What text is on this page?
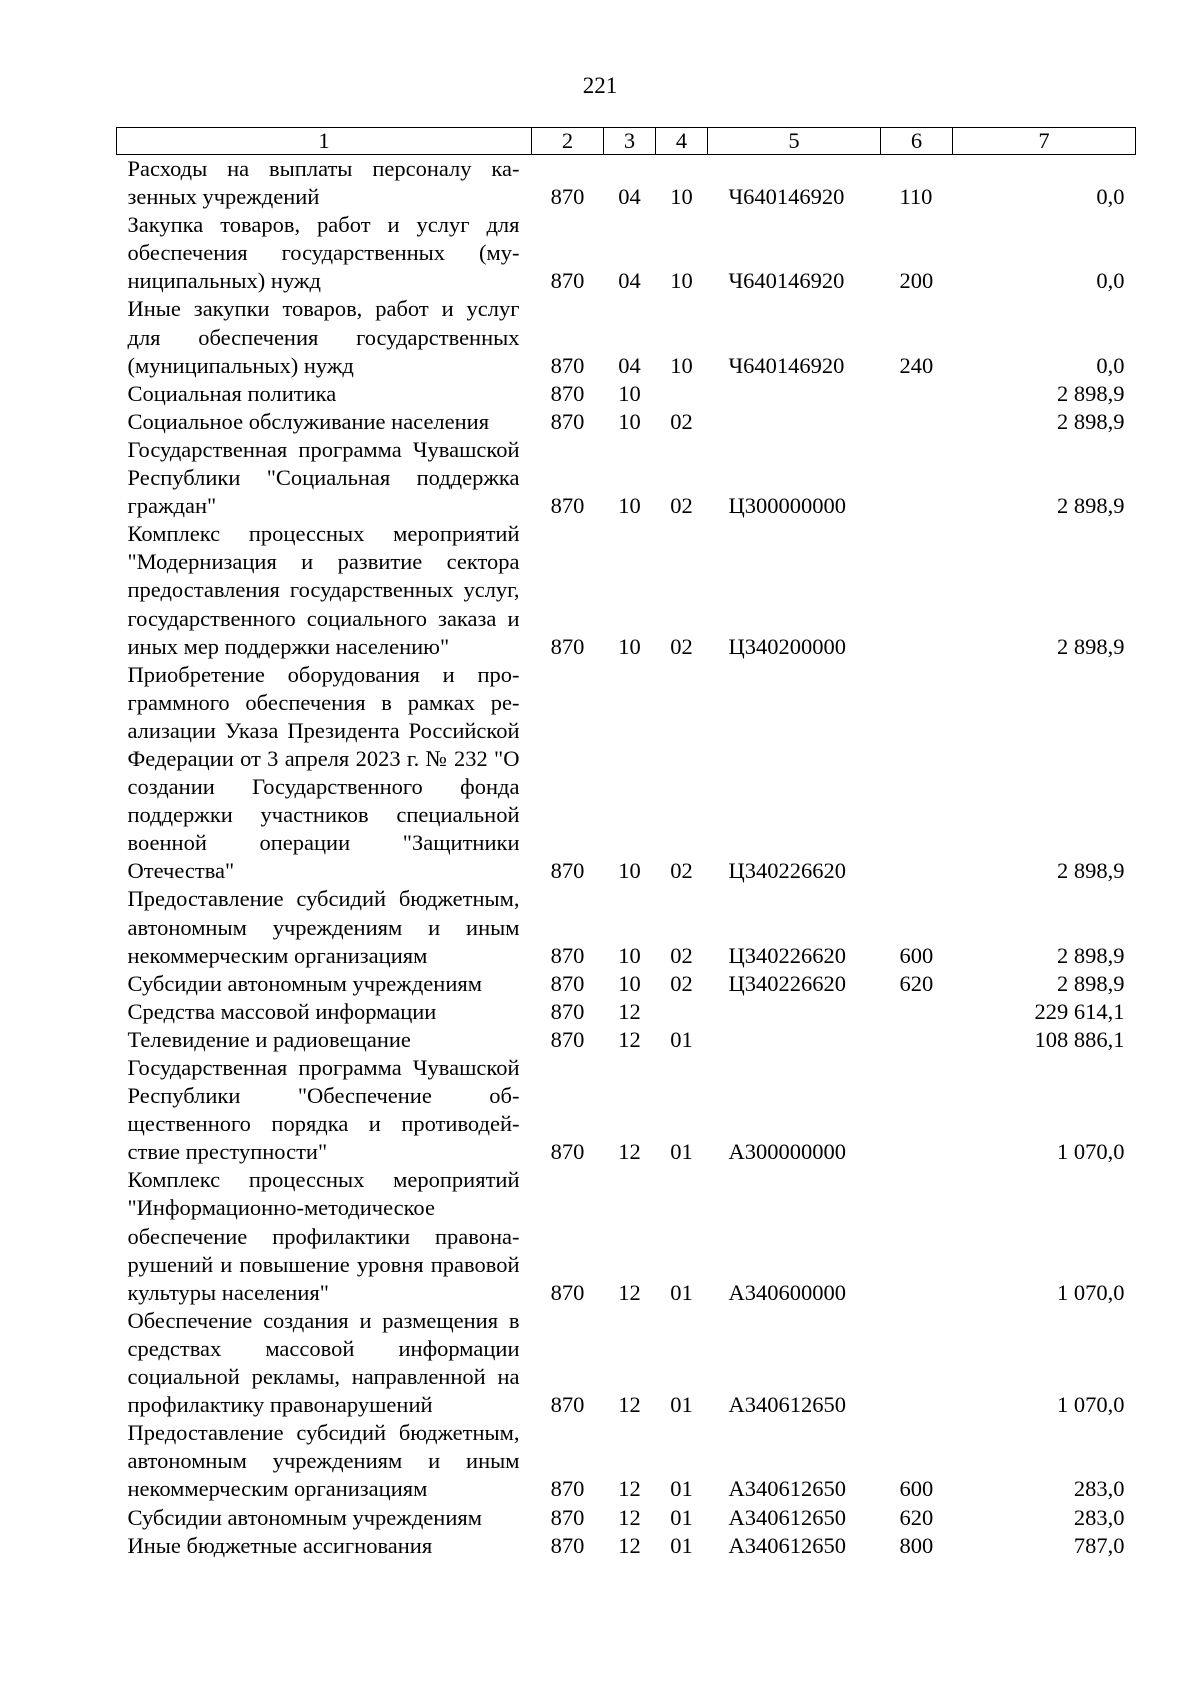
221
1	2	3	4	5	6	7
Расходы на выплаты персоналу казенных учреждений	870	04	10	Ч640146920	110	0,0
Закупка товаров, работ и услуг для обеспечения государственных (муниципальных) нужд	870	04	10	Ч640146920	200	0,0
Иные закупки товаров, работ и услуг для обеспечения государственных (муниципальных) нужд	870	04	10	Ч640146920	240	0,0
Социальная политика	870	10				2 898,9
Социальное обслуживание населения	870	10	02			2 898,9
Государственная программа Чувашской Республики "Социальная поддержка граждан"	870	10	02	Ц300000000		2 898,9
Комплекс процессных мероприятий "Модернизация и развитие сектора предоставления государственных услуг, государственного социального заказа и иных мер поддержки населению"	870	10	02	Ц340200000		2 898,9
Приобретение оборудования и программного обеспечения в рамках реализации Указа Президента Российской Федерации от 3 апреля 2023 г. № 232 "О создании Государственного фонда поддержки участников специальной военной операции "Защитники Отечества"	870	10	02	Ц340226620		2 898,9
Предоставление субсидий бюджетным, автономным учреждениям и иным некоммерческим организациям	870	10	02	Ц340226620	600	2 898,9
Субсидии автономным учреждениям	870	10	02	Ц340226620	620	2 898,9
Средства массовой информации	870	12				229 614,1
Телевидение и радиовещание	870	12	01			108 886,1
Государственная программа Чувашской Республики "Обеспечение общественного порядка и противодействие преступности"	870	12	01	А300000000		1 070,0
Комплекс процессных мероприятий "Информационно-методическое обеспечение профилактики правонарушений и повышение уровня правовой культуры населения"	870	12	01	А340600000		1 070,0
Обеспечение создания и размещения в средствах массовой информации социальной рекламы, направленной на профилактику правонарушений	870	12	01	А340612650		1 070,0
Предоставление субсидий бюджетным, автономным учреждениям и иным некоммерческим организациям	870	12	01	А340612650	600	283,0
Субсидии автономным учреждениям	870	12	01	А340612650	620	283,0
Иные бюджетные ассигнования	870	12	01	А340612650	800	787,0
